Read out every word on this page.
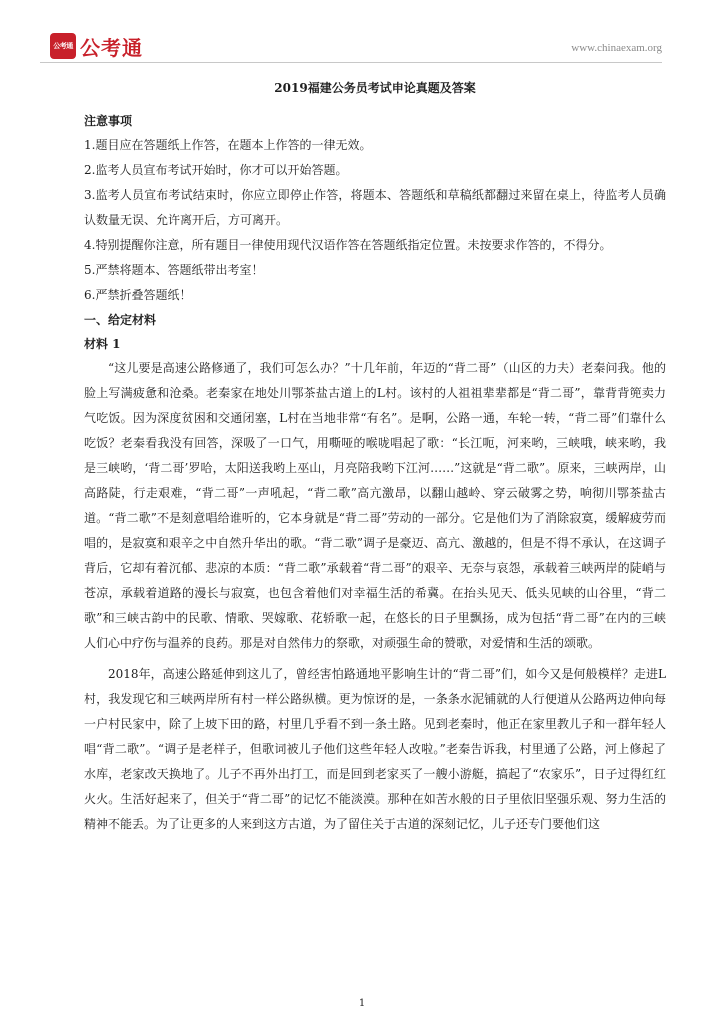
公考通 公考通	www.chinaexam.org

2019福建公务员考试申论真题及答案

注意事项

1.题目应在答题纸上作答，在题本上作答的一律无效。

2.监考人员宣布考试开始时，你才可以开始答题。

3.监考人员宣布考试结束时，你应立即停止作答，将题本、答题纸和草稿纸都翻过来留在桌上，待监考人员确认数量无误、允许离开后，方可离开。

4.特别提醒你注意，所有题目一律使用现代汉语作答在答题纸指定位置。未按要求作答的，不得分。

5.严禁将题本、答题纸带出考室！

6.严禁折叠答题纸！

一、给定材料

材料 1

“这儿要是高速公路修通了，我们可怎么办？”十几年前，年迈的“背二哥”（山区的力夫）老秦问我。他的脸上写满疲惫和沧桑。老秦家在地处川鄂茶盐古道上的L村。该村的人祖祖辈辈都是“背二哥”，靠背背篼卖力气吃饭。因为深度贫困和交通闭塞，L村在当地非常“有名”。是啊，公路一通，车轮一转，“背二哥”们靠什么吃饭？老秦看我没有回答，深吸了一口气，用嘶哑的喉咙唱起了歌：“长江呃，河来哟，三峡哦，峡来哟，我是三峡哟，‘背二哥’罗哈，太阳送我哟上巫山，月亮陪我哟下江河……”这就是“背二歌”。原来，三峡两岸，山高路陡，行走艰难，“背二哥”一声吼起，“背二歌”高亢激昂，以翻山越岭、穿云破雾之势，响彻川鄂茶盐古道。“背二歌”不是刻意唱给谁听的，它本身就是“背二哥”劳动的一部分。它是他们为了消除寂寞，缓解疲劳而唱的，是寂寞和艰辛之中自然升华出的歌。“背二歌”调子是豪迈、高亢、激越的，但是不得不承认，在这调子背后，它却有着沉郁、悲凉的本质：“背二歌”承载着“背二哥”的艰辛、无奈与哀怨，承载着三峡两岸的陡峭与苍凉，承载着道路的漫长与寂寞，也包含着他们对幸福生活的希冀。在抬头见天、低头见峡的山谷里，“背二歌”和三峡古韵中的民歌、情歌、哭嫁歌、花轿歌一起，在悠长的日子里飘扬，成为包括“背二哥”在内的三峡人们心中疗伤与温养的良药。那是对自然伟力的祭歌，对顽强生命的赞歌，对爱情和生活的颂歌。

2018年，高速公路延伸到这儿了，曾经害怕路通地平影响生计的“背二哥”们，如今又是何般模样？走进L村，我发现它和三峡两岸所有村一样公路纵横。更为惊讶的是，一条条水泥铺就的人行便道从公路两边伸向每一户村民家中，除了上坡下田的路，村里几乎看不到一条土路。见到老秦时，他正在家里教儿子和一群年轻人唱“背二歌”。“调子是老样子，但歌词被儿子他们这些年轻人改啦。”老秦告诉我，村里通了公路，河上修起了水库，老家改天换地了。儿子不再外出打工，而是回到老家买了一艘小游艇，搞起了“农家乐”，日子过得红红火火。生活好起来了，但关于“背二哥”的记忆不能淡漠。那种在如苦水般的日子里依旧坚强乐观、努力生活的精神不能丢。为了让更多的人来到这方古道，为了留住关于古道的深刻记忆，儿子还专门要他们这

1
